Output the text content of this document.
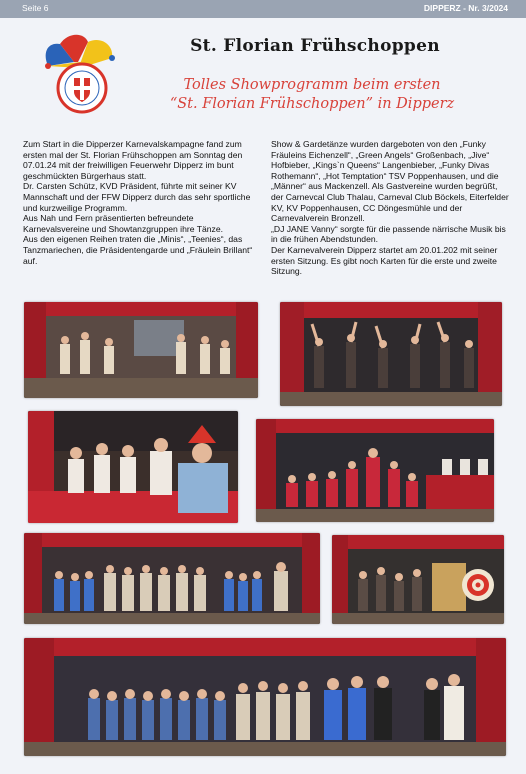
Seite 6	DIPPERZ - Nr. 3/2024
St. Florian Frühschoppen
Tolles Showprogramm beim ersten
“St. Florian Frühschoppen” in Dipperz

Zum Start in die Dipperzer Karnevalskampagne fand zum ersten mal der St. Florian Frühschoppen am Sonntag den 07.01.24 mit der freiwilligen Feuerwehr Dipperz im bunt geschmückten Bürgerhaus statt.

Dr. Carsten Schütz, KVD Präsident, führte mit seiner KV Mannschaft und der FFW Dipperz durch das sehr sportliche und kurzweilige Programm.

Aus Nah und Fern präsentierten befreundete Karnevalsvereine und Showtanzgruppen ihre Tänze.

Aus den eigenen Reihen traten die „Minis“, „Teenies“, das Tanzmariechen, die Präsidentengarde und „Fräulein Brillant“ auf.

Show & Gardetänze wurden dargeboten von den „Funky Fräuleins Eichenzell“, „Green Angels“ Großenbach, „Jive“ Hofbieber, „Kings`n Queens“ Langenbieber, „Funky Divas Rothemann“, „Hot Temptation“ TSV Poppenhausen, und die „Männer“ aus Mackenzell. Als Gastvereine wurden begrüßt, der Carnevcal Club Thalau, Carneval Club Böckels, Eiterfelder KV, KV Poppenhausen, CC Döngesmühle und der Carnevalverein Bronzell.

„DJ JANE Vanny“ sorgte für die passende närrische Musik bis in die frühen Abendstunden.

Der Karnevalverein Dipperz startet am 20.01.202 mit seiner ersten Sitzung. Es gibt noch Karten für die erste und zweite Sitzung.
